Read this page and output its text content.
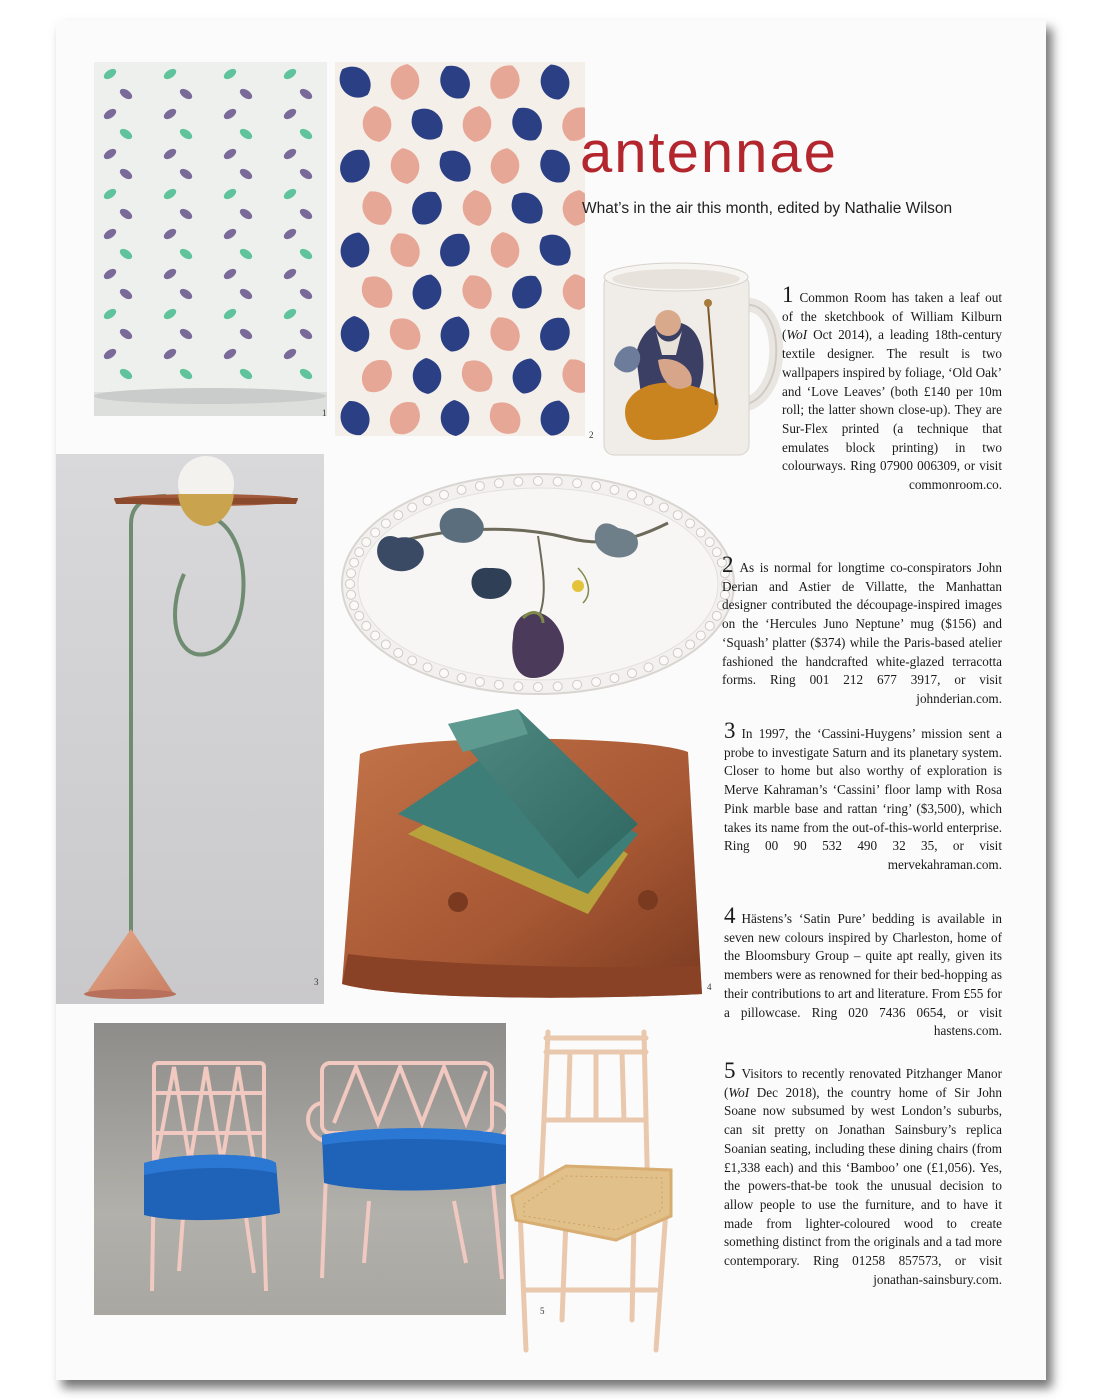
1
2
3	4
5
antennae
What’s in the air this month, edited by Nathalie Wilson
1 Common Room has taken a leaf out of the sketchbook of William Kilburn (WoI Oct 2014), a leading 18th-century textile designer. The result is two wallpapers inspired by foliage, ‘Old Oak’ and ‘Love Leaves’ (both £140 per 10m roll; the latter shown close-up). They are Sur-Flex printed (a technique that emulates block printing) in two colourways. Ring 07900 006309, or visit commonroom.co.
2 As is normal for longtime co-conspirators John Derian and Astier de Villatte, the Manhattan designer contributed the découpage-inspired images on the ‘Hercules Juno Neptune’ mug ($156) and ‘Squash’ platter ($374) while the Paris-based atelier fashioned the handcrafted white-glazed terracotta forms. Ring 001 212 677 3917, or visit johnderian.com.
3 In 1997, the ‘Cassini-Huygens’ mission sent a probe to investigate Saturn and its planetary system. Closer to home but also worthy of exploration is Merve Kahraman’s ‘Cassini’ floor lamp with Rosa Pink marble base and rattan ‘ring’ ($3,500), which takes its name from the out-of-this-world enterprise. Ring 00 90 532 490 32 35, or visit mervekahraman.com.
4 Hästens’s ‘Satin Pure’ bedding is available in seven new colours inspired by Charleston, home of the Bloomsbury Group – quite apt really, given its members were as renowned for their bed-hopping as their contributions to art and literature. From £55 for a pillowcase. Ring 020 7436 0654, or visit hastens.com.
5 Visitors to recently renovated Pitzhanger Manor (WoI Dec 2018), the country home of Sir John Soane now subsumed by west London’s suburbs, can sit pretty on Jonathan Sainsbury’s replica Soanian seating, including these dining chairs (from £1,338 each) and this ‘Bamboo’ one (£1,056). Yes, the powers-that-be took the unusual decision to allow people to use the furniture, and to have it made from lighter-coloured wood to create something distinct from the originals and a tad more contemporary. Ring 01258 857573, or visit jonathan-sainsbury.com.
